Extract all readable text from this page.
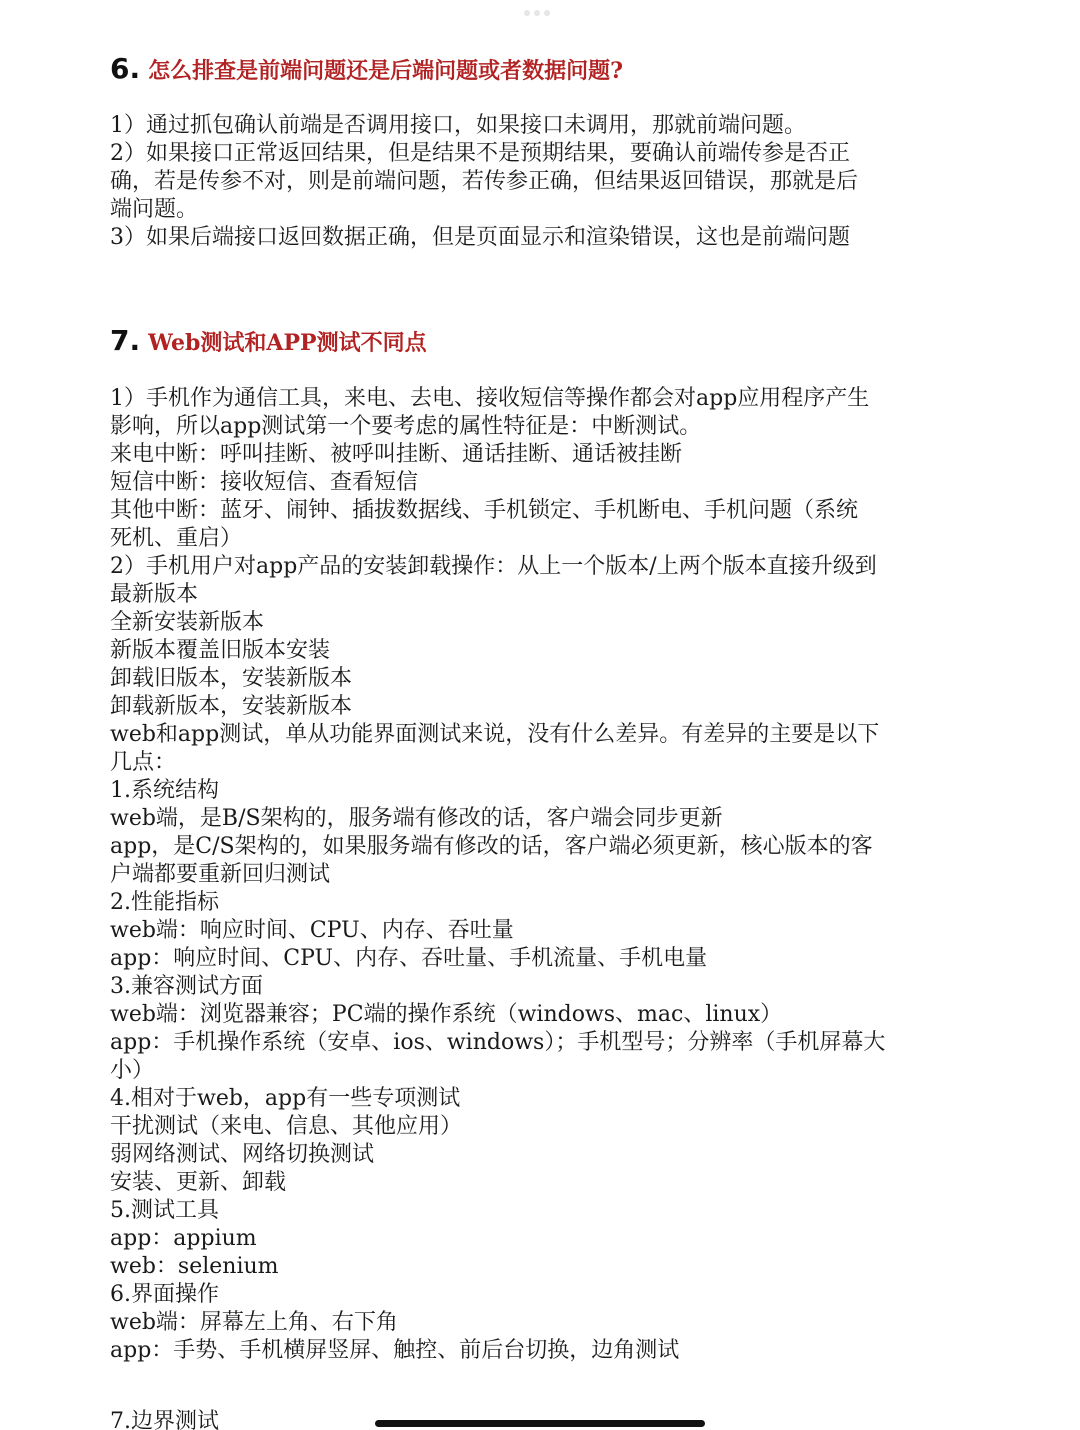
6. 怎么排查是前端问题还是后端问题或者数据问题?
1）通过抓包确认前端是否调用接口，如果接口未调用，那就前端问题。
2）如果接口正常返回结果，但是结果不是预期结果，要确认前端传参是否正
确，若是传参不对，则是前端问题，若传参正确，但结果返回错误，那就是后
端问题。
3）如果后端接口返回数据正确，但是页面显示和渲染错误，这也是前端问题
7. Web测试和APP测试不同点
1）手机作为通信工具，来电、去电、接收短信等操作都会对app应用程序产生
影响，所以app测试第一个要考虑的属性特征是：中断测试。
来电中断：呼叫挂断、被呼叫挂断、通话挂断、通话被挂断
短信中断：接收短信、查看短信
其他中断：蓝牙、闹钟、插拔数据线、手机锁定、手机断电、手机问题（系统
死机、重启）
2）手机用户对app产品的安装卸载操作：从上一个版本/上两个版本直接升级到
最新版本
全新安装新版本
新版本覆盖旧版本安装
卸载旧版本，安装新版本
卸载新版本，安装新版本
web和app测试，单从功能界面测试来说，没有什么差异。有差异的主要是以下
几点：
1.系统结构
web端，是B/S架构的，服务端有修改的话，客户端会同步更新
app，是C/S架构的，如果服务端有修改的话，客户端必须更新，核心版本的客
户端都要重新回归测试
2.性能指标
web端：响应时间、CPU、内存、吞吐量
app：响应时间、CPU、内存、吞吐量、手机流量、手机电量
3.兼容测试方面
web端：浏览器兼容；PC端的操作系统（windows、mac、linux）
app：手机操作系统（安卓、ios、windows）；手机型号；分辨率（手机屏幕大
小）
4.相对于web，app有一些专项测试
干扰测试（来电、信息、其他应用）
弱网络测试、网络切换测试
安装、更新、卸载
5.测试工具
app：appium
web：selenium
6.界面操作
web端：屏幕左上角、右下角
app：手势、手机横屏竖屏、触控、前后台切换，边角测试
7.边界测试
